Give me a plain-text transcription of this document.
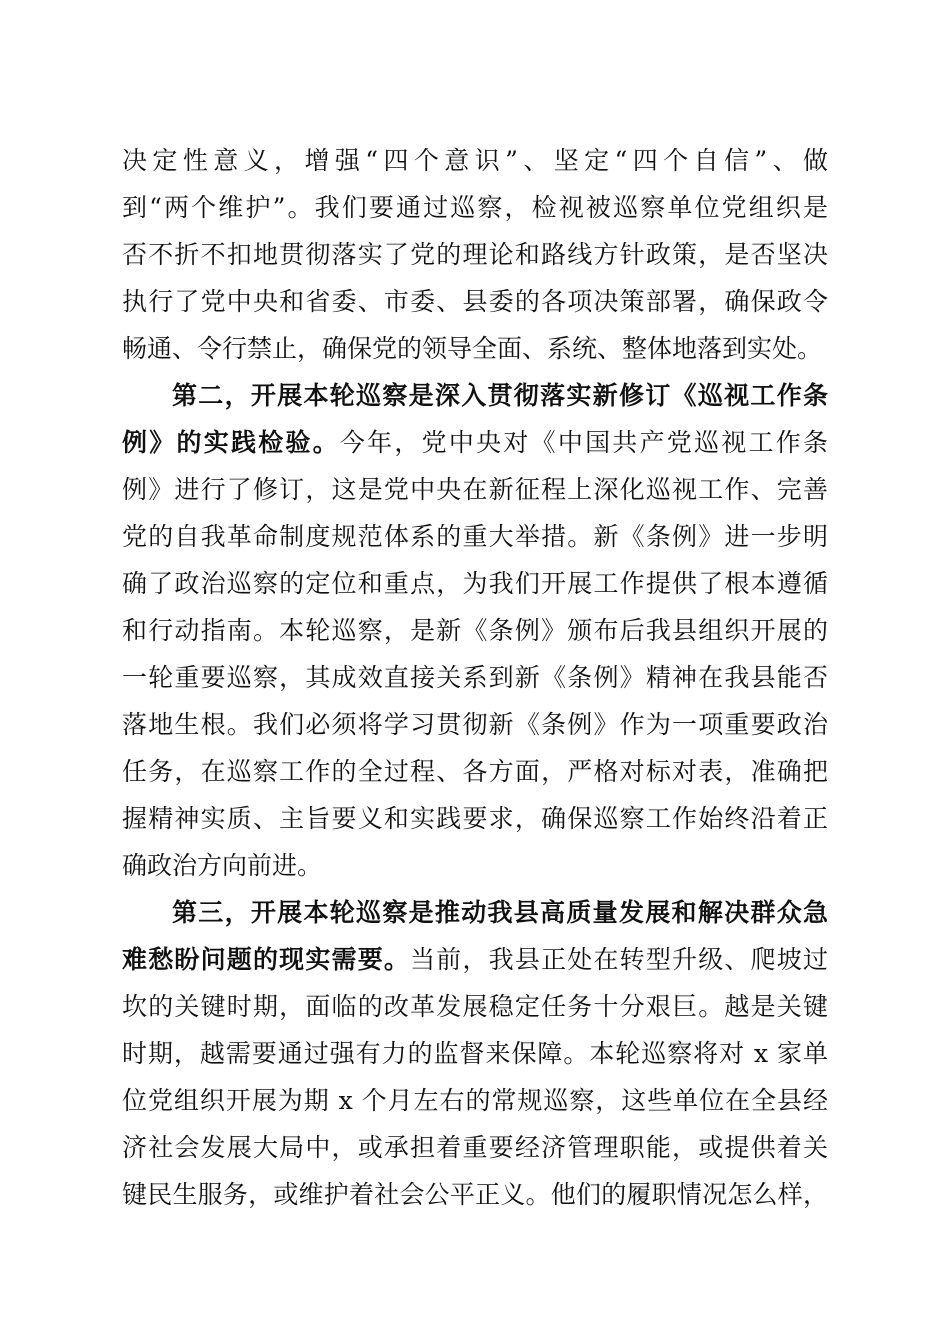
决定性意义，增强“四个意识”、坚定“四个自信”、做
到“两个维护”。我们要通过巡察，检视被巡察单位党组织是
否不折不扣地贯彻落实了党的理论和路线方针政策，是否坚决
执行了党中央和省委、市委、县委的各项决策部署，确保政令
畅通、令行禁止，确保党的领导全面、系统、整体地落到实处。
第二，开展本轮巡察是深入贯彻落实新修订《巡视工作条
例》的实践检验。今年，党中央对《中国共产党巡视工作条
例》进行了修订，这是党中央在新征程上深化巡视工作、完善
党的自我革命制度规范体系的重大举措。新《条例》进一步明
确了政治巡察的定位和重点，为我们开展工作提供了根本遵循
和行动指南。本轮巡察，是新《条例》颁布后我县组织开展的
一轮重要巡察，其成效直接关系到新《条例》精神在我县能否
落地生根。我们必须将学习贯彻新《条例》作为一项重要政治
任务，在巡察工作的全过程、各方面，严格对标对表，准确把
握精神实质、主旨要义和实践要求，确保巡察工作始终沿着正
确政治方向前进。
第三，开展本轮巡察是推动我县高质量发展和解决群众急
难愁盼问题的现实需要。当前，我县正处在转型升级、爬坡过
坎的关键时期，面临的改革发展稳定任务十分艰巨。越是关键
时期，越需要通过强有力的监督来保障。本轮巡察将对 x 家单
位党组织开展为期 x 个月左右的常规巡察，这些单位在全县经
济社会发展大局中，或承担着重要经济管理职能，或提供着关
键民生服务，或维护着社会公平正义。他们的履职情况怎么样，
